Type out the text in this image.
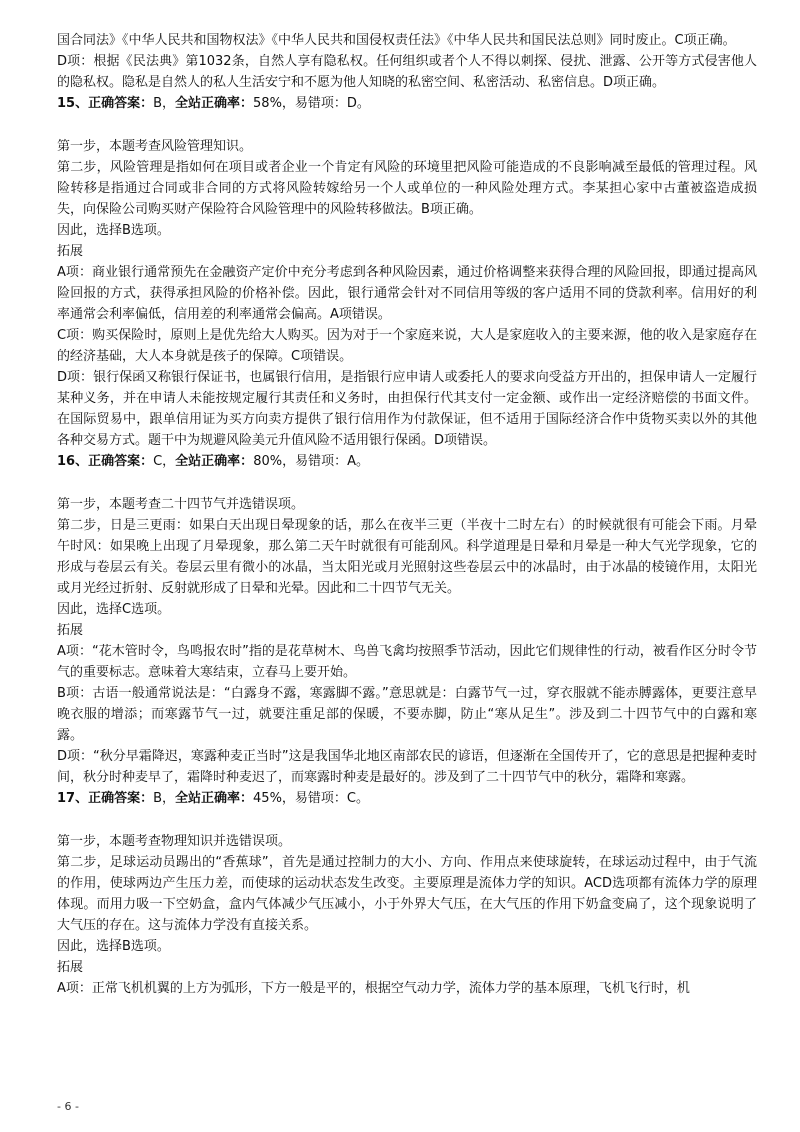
国合同法》《中华人民共和国物权法》《中华人民共和国侵权责任法》《中华人民共和国民法总则》同时废止。C项正确。

D项：根据《民法典》第1032条，自然人享有隐私权。任何组织或者个人不得以刺探、侵扰、泄露、公开等方式侵害他人的隐私权。隐私是自然人的私人生活安宁和不愿为他人知晓的私密空间、私密活动、私密信息。D项正确。

15、正确答案：B，全站正确率：58%，易错项：D。

第一步，本题考查风险管理知识。

第二步，风险管理是指如何在项目或者企业一个肯定有风险的环境里把风险可能造成的不良影响减至最低的管理过程。风险转移是指通过合同或非合同的方式将风险转嫁给另一个人或单位的一种风险处理方式。李某担心家中古董被盗造成损失，向保险公司购买财产保险符合风险管理中的风险转移做法。B项正确。

因此，选择B选项。

拓展

A项：商业银行通常预先在金融资产定价中充分考虑到各种风险因素，通过价格调整来获得合理的风险回报，即通过提高风险回报的方式，获得承担风险的价格补偿。因此，银行通常会针对不同信用等级的客户适用不同的贷款利率。信用好的利率通常会利率偏低，信用差的利率通常会偏高。A项错误。

C项：购买保险时，原则上是优先给大人购买。因为对于一个家庭来说，大人是家庭收入的主要来源，他的收入是家庭存在的经济基础，大人本身就是孩子的保障。C项错误。

D项：银行保函又称银行保证书，也属银行信用，是指银行应申请人或委托人的要求向受益方开出的，担保申请人一定履行某种义务，并在申请人未能按规定履行其责任和义务时，由担保行代其支付一定金额、或作出一定经济赔偿的书面文件。在国际贸易中，跟单信用证为买方向卖方提供了银行信用作为付款保证，但不适用于国际经济合作中货物买卖以外的其他各种交易方式。题干中为规避风险美元升值风险不适用银行保函。D项错误。

16、正确答案：C，全站正确率：80%，易错项：A。

第一步，本题考查二十四节气并选错误项。

第二步，日是三更雨：如果白天出现日晕现象的话，那么在夜半三更（半夜十二时左右）的时候就很有可能会下雨。月晕午时风：如果晚上出现了月晕现象，那么第二天午时就很有可能刮风。科学道理是日晕和月晕是一种大气光学现象，它的形成与卷层云有关。卷层云里有微小的冰晶，当太阳光或月光照射这些卷层云中的冰晶时，由于冰晶的棱镜作用，太阳光或月光经过折射、反射就形成了日晕和光晕。因此和二十四节气无关。

因此，选择C选项。

拓展

A项：“花木管时令，鸟鸣报农时”指的是花草树木、鸟兽飞禽均按照季节活动，因此它们规律性的行动，被看作区分时令节气的重要标志。意味着大寒结束，立春马上要开始。

B项：古语一般通常说法是：“白露身不露，寒露脚不露。”意思就是：白露节气一过，穿衣服就不能赤膊露体，更要注意早晚衣服的增添；而寒露节气一过，就要注重足部的保暖，不要赤脚，防止“寒从足生”。涉及到二十四节气中的白露和寒露。

D项：“秋分早霜降迟，寒露种麦正当时”这是我国华北地区南部农民的谚语，但逐渐在全国传开了，它的意思是把握种麦时间，秋分时种麦早了，霜降时种麦迟了，而寒露时种麦是最好的。涉及到了二十四节气中的秋分，霜降和寒露。

17、正确答案：B，全站正确率：45%，易错项：C。

第一步，本题考查物理知识并选错误项。

第二步，足球运动员踢出的“香蕉球”，首先是通过控制力的大小、方向、作用点来使球旋转，在球运动过程中，由于气流的作用，使球两边产生压力差，而使球的运动状态发生改变。主要原理是流体力学的知识。ACD选项都有流体力学的原理体现。而用力吸一下空奶盒，盒内气体减少气压减小，小于外界大气压，在大气压的作用下奶盒变扁了，这个现象说明了大气压的存在。这与流体力学没有直接关系。

因此，选择B选项。

拓展

A项：正常飞机机翼的上方为弧形，下方一般是平的，根据空气动力学，流体力学的基本原理，飞机飞行时，机

- 6 -
